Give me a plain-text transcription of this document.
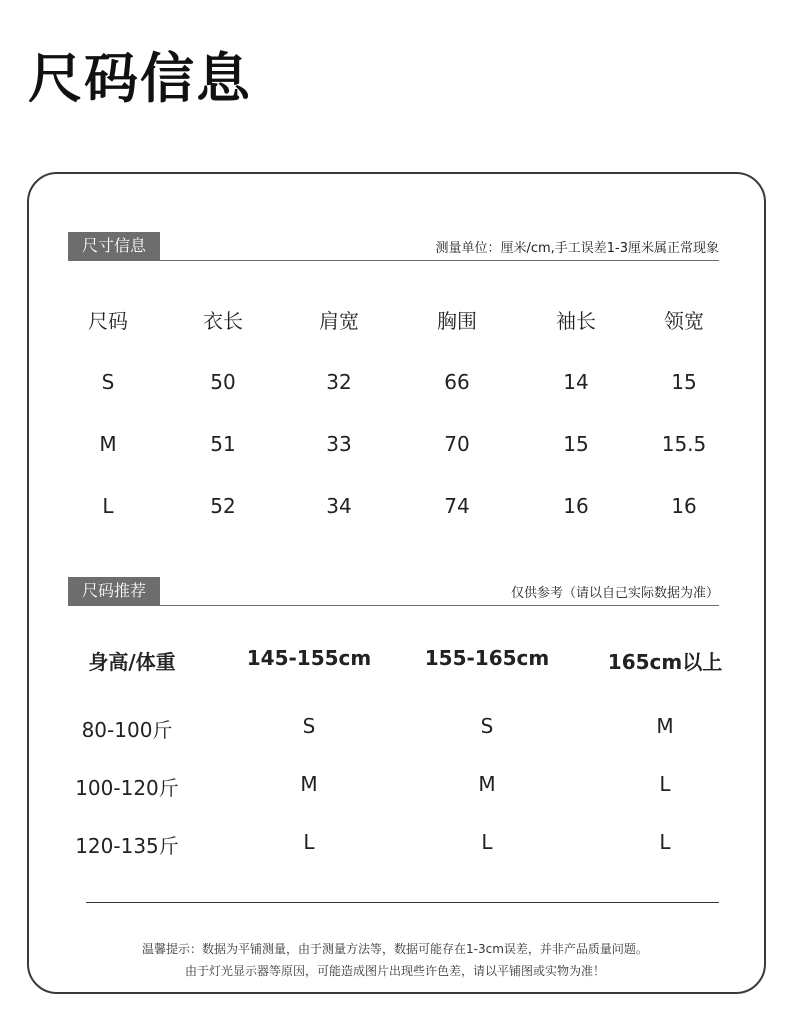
尺码信息
尺寸信息	测量单位：厘米/cm,手工误差1-3厘米属正常现象
尺码	衣长	肩宽	胸围	袖长	领宽
S	50	32	66	14	15
M	51	33	70	15	15.5
L	52	34	74	16	16
尺码推荐	仅供参考（请以自己实际数据为准）
身高/体重	145-155cm	155-165cm	165cm以上
80-100斤	S	S	M
100-120斤	M	M	L
120-135斤	L	L	L
温馨提示：数据为平铺测量，由于测量方法等，数据可能存在1-3cm误差，并非产品质量问题。
由于灯光显示器等原因，可能造成图片出现些许色差，请以平铺图或实物为准！
